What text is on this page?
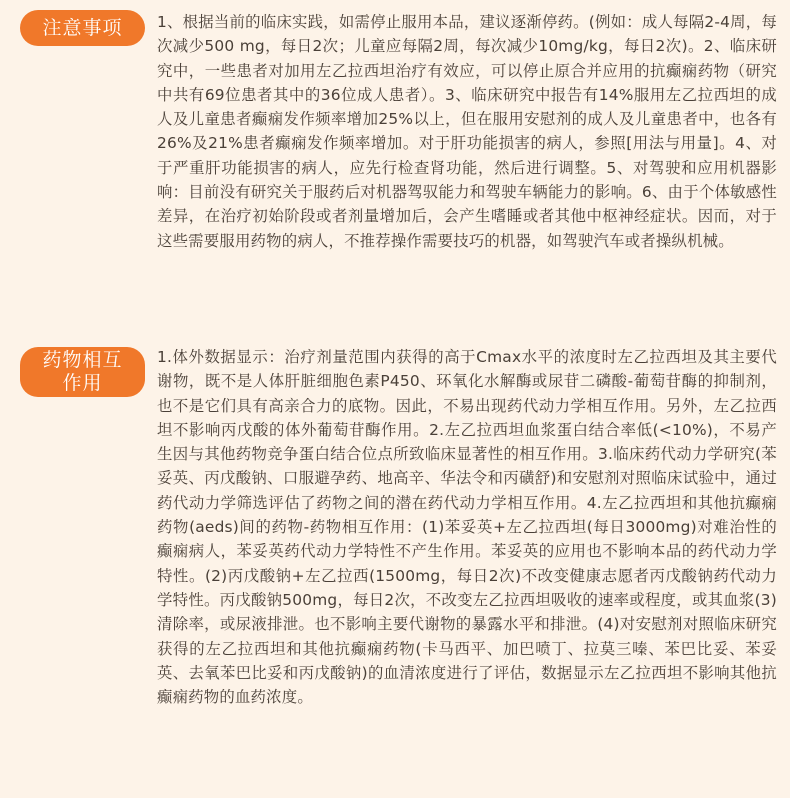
注意事项	1、根据当前的临床实践，如需停止服用本品，建议逐渐停药。(例如：成人每隔2-4周，每次减少500 mg，每日2次；儿童应每隔2周，每次减少10mg/kg，每日2次)。2、临床研究中，一些患者对加用左乙拉西坦治疗有效应，可以停止原合并应用的抗癫痫药物（研究中共有69位患者其中的36位成人患者）。3、临床研究中报告有14%服用左乙拉西坦的成人及儿童患者癫痫发作频率增加25%以上，但在服用安慰剂的成人及儿童患者中，也各有26%及21%患者癫痫发作频率增加。对于肝功能损害的病人，参照[用法与用量]。4、对于严重肝功能损害的病人，应先行检查肾功能，然后进行调整。5、对驾驶和应用机器影响：目前没有研究关于服药后对机器驾驭能力和驾驶车辆能力的影响。6、由于个体敏感性差异，在治疗初始阶段或者剂量增加后，会产生嗜睡或者其他中枢神经症状。因而，对于这些需要服用药物的病人，不推荐操作需要技巧的机器，如驾驶汽车或者操纵机械。
药物相互
作用
1.体外数据显示：治疗剂量范围内获得的高于Cmax水平的浓度时左乙拉西坦及其主要代谢物，既不是人体肝脏细胞色素P450、环氧化水解酶或尿苷二磷酸-葡萄苷酶的抑制剂，也不是它们具有高亲合力的底物。因此，不易出现药代动力学相互作用。另外，左乙拉西坦不影响丙戊酸的体外葡萄苷酶作用。2.左乙拉西坦血浆蛋白结合率低(<10%)，不易产生因与其他药物竞争蛋白结合位点所致临床显著性的相互作用。3.临床药代动力学研究(苯妥英、丙戊酸钠、口服避孕药、地高辛、华法令和丙磺舒)和安慰剂对照临床试验中，通过药代动力学筛选评估了药物之间的潜在药代动力学相互作用。4.左乙拉西坦和其他抗癫痫药物(aeds)间的药物-药物相互作用：(1)苯妥英+左乙拉西坦(每日3000mg)对难治性的癫痫病人，苯妥英药代动力学特性不产生作用。苯妥英的应用也不影响本品的药代动力学特性。(2)丙戊酸钠+左乙拉西(1500mg，每日2次)不改变健康志愿者丙戊酸钠药代动力学特性。丙戊酸钠500mg，每日2次，不改变左乙拉西坦吸收的速率或程度，或其血浆(3)清除率，或尿液排泄。也不影响主要代谢物的暴露水平和排泄。(4)对安慰剂对照临床研究获得的左乙拉西坦和其他抗癫痫药物(卡马西平、加巴喷丁、拉莫三嗪、苯巴比妥、苯妥英、去氧苯巴比妥和丙戊酸钠)的血清浓度进行了评估，数据显示左乙拉西坦不影响其他抗癫痫药物的血药浓度。
